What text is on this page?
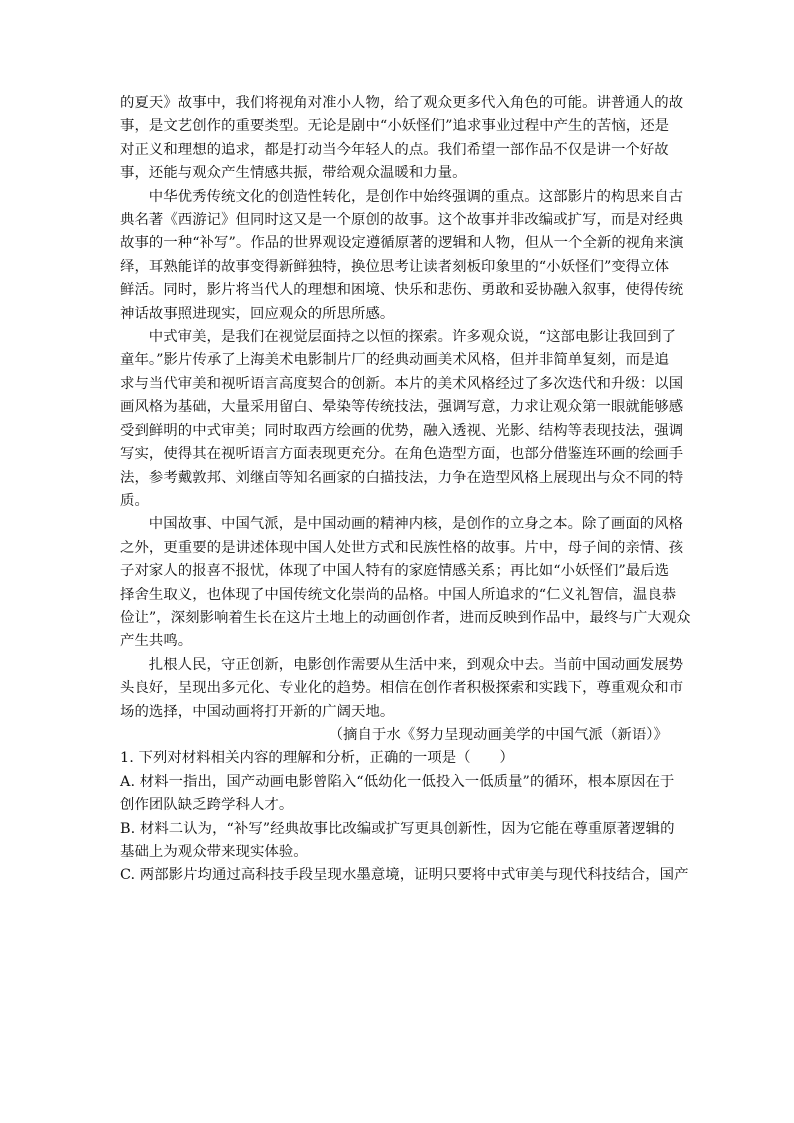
的夏天》故事中，我们将视角对准小人物，给了观众更多代入角色的可能。讲普通人的故
事，是文艺创作的重要类型。无论是剧中“小妖怪们”追求事业过程中产生的苦恼，还是
对正义和理想的追求，都是打动当今年轻人的点。我们希望一部作品不仅是讲一个好故
事，还能与观众产生情感共振，带给观众温暖和力量。

中华优秀传统文化的创造性转化，是创作中始终强调的重点。这部影片的构思来自古
典名著《西游记》但同时这又是一个原创的故事。这个故事并非改编或扩写，而是对经典
故事的一种“补写”。作品的世界观设定遵循原著的逻辑和人物，但从一个全新的视角来演
绎，耳熟能详的故事变得新鲜独特，换位思考让读者刻板印象里的“小妖怪们”变得立体
鲜活。同时，影片将当代人的理想和困境、快乐和悲伤、勇敢和妥协融入叙事，使得传统
神话故事照进现实，回应观众的所思所感。

中式审美，是我们在视觉层面持之以恒的探索。许多观众说，“这部电影让我回到了
童年。”影片传承了上海美术电影制片厂的经典动画美术风格，但并非简单复刻，而是追
求与当代审美和视听语言高度契合的创新。本片的美术风格经过了多次迭代和升级：以国
画风格为基础，大量采用留白、晕染等传统技法，强调写意，力求让观众第一眼就能够感
受到鲜明的中式审美；同时取西方绘画的优势，融入透视、光影、结构等表现技法，强调
写实，使得其在视听语言方面表现更充分。在角色造型方面，也部分借鉴连环画的绘画手
法，参考戴敦邦、刘继卣等知名画家的白描技法，力争在造型风格上展现出与众不同的特
质。

中国故事、中国气派，是中国动画的精神内核，是创作的立身之本。除了画面的风格
之外，更重要的是讲述体现中国人处世方式和民族性格的故事。片中，母子间的亲情、孩
子对家人的报喜不报忧，体现了中国人特有的家庭情感关系；再比如“小妖怪们”最后选
择舍生取义，也体现了中国传统文化崇尚的品格。中国人所追求的“仁义礼智信，温良恭
俭让”，深刻影响着生长在这片土地上的动画创作者，进而反映到作品中，最终与广大观众
产生共鸣。

扎根人民，守正创新，电影创作需要从生活中来，到观众中去。当前中国动画发展势
头良好，呈现出多元化、专业化的趋势。相信在创作者积极探索和实践下，尊重观众和市
场的选择，中国动画将打开新的广阔天地。

（摘自于水《努力呈现动画美学的中国气派（新语）》

1. 下列对材料相关内容的理解和分析，正确的一项是（　　）

A. 材料一指出，国产动画电影曾陷入“低幼化一低投入一低质量”的循环，根本原因在于
创作团队缺乏跨学科人才。

B. 材料二认为，“补写”经典故事比改编或扩写更具创新性，因为它能在尊重原著逻辑的
基础上为观众带来现实体验。

C. 两部影片均通过高科技手段呈现水墨意境，证明只要将中式审美与现代科技结合，国产
